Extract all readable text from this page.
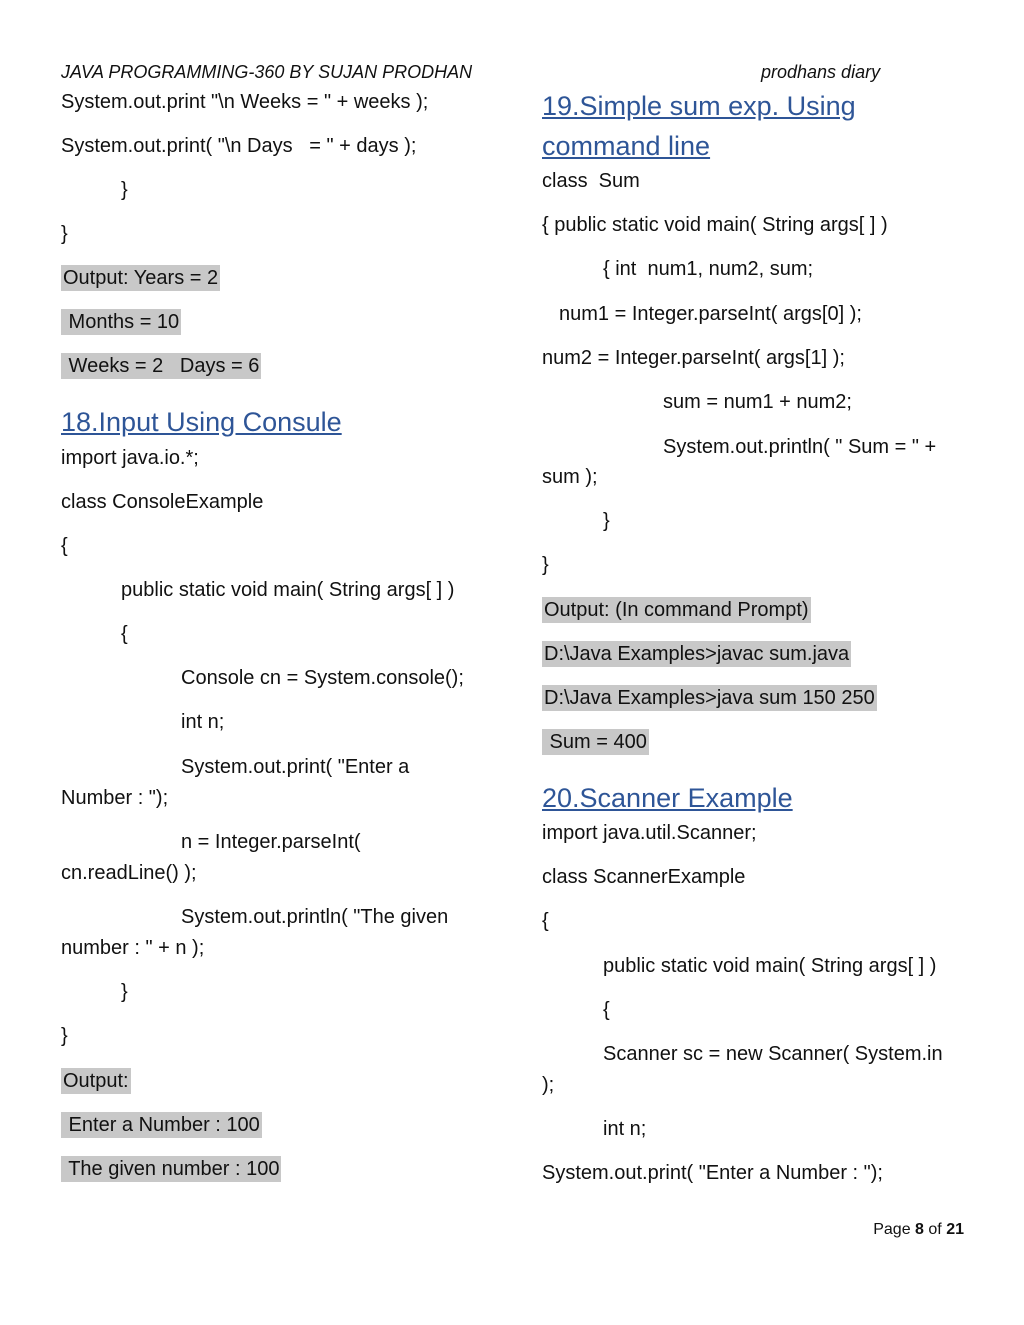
JAVA PROGRAMMING-360 BY SUJAN PRODHAN	prodhans diary
System.out.print "\n Weeks = " + weeks );
System.out.print( "\n Days   = " + days );
}
}
Output: Years = 2
Months = 10
Weeks = 2   Days = 6
18.Input Using Consule
import java.io.*;
class ConsoleExample
{
public static void main( String args[ ] )
{
Console cn = System.console();
int n;
System.out.print( "Enter a
Number : ");
n = Integer.parseInt(
cn.readLine() );
System.out.println( "The given
number : " + n );
}
}
Output:
Enter a Number : 100
The given number : 100
19.Simple sum exp. Using
command line
class  Sum
{ public static void main( String args[ ] )
{ int  num1, num2, sum;
num1 = Integer.parseInt( args[0] );
num2 = Integer.parseInt( args[1] );
sum = num1 + num2;
System.out.println( " Sum = " +
sum );
}
}
Output: (In command Prompt)
D:\Java Examples>javac sum.java
D:\Java Examples>java sum 150 250
Sum = 400
20.Scanner Example
import java.util.Scanner;
class ScannerExample
{
public static void main( String args[ ] )
{
Scanner sc = new Scanner( System.in
);
int n;
System.out.print( "Enter a Number : ");
Page 8 of 21
